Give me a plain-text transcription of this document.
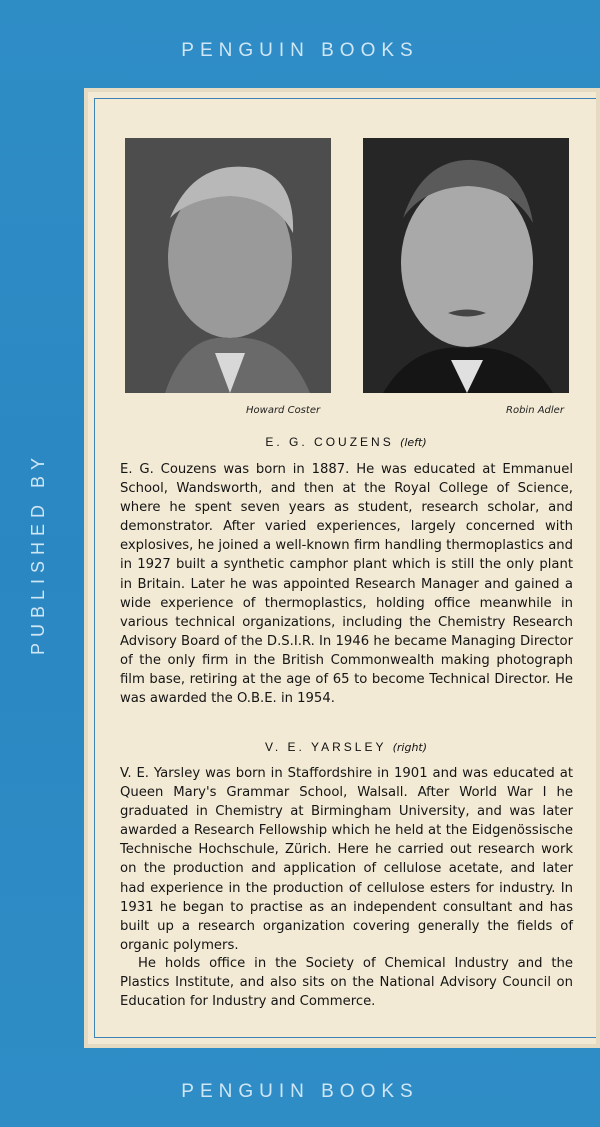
PENGUIN BOOKS
PUBLISHED BY
Howard Coster	Robin Adler
E. G. COUZENS (left)

E. G. Couzens was born in 1887. He was educated at Emmanuel School, Wandsworth, and then at the Royal College of Science, where he spent seven years as student, research scholar, and demonstrator. After varied experiences, largely concerned with explosives, he joined a well-known firm handling thermoplastics and in 1927 built a synthetic camphor plant which is still the only plant in Britain. Later he was appointed Research Manager and gained a wide experience of thermoplastics, holding office meanwhile in various technical organizations, including the Chemistry Research Advisory Board of the D.S.I.R. In 1946 he became Managing Director of the only firm in the British Commonwealth making photograph film base, retiring at the age of 65 to become Technical Director. He was awarded the O.B.E. in 1954.

V. E. YARSLEY (right)

V. E. Yarsley was born in Staffordshire in 1901 and was educated at Queen Mary's Grammar School, Walsall. After World War I he graduated in Chemistry at Birmingham University, and was later awarded a Research Fellowship which he held at the Eidgenössische Technische Hochschule, Zürich. Here he carried out research work on the production and application of cellulose acetate, and later had experience in the production of cellulose esters for industry. In 1931 he began to practise as an independent consultant and has built up a research organization covering generally the fields of organic polymers.

He holds office in the Society of Chemical Industry and the Plastics Institute, and also sits on the National Advisory Council on Education for Industry and Commerce.

PENGUIN BOOKS
